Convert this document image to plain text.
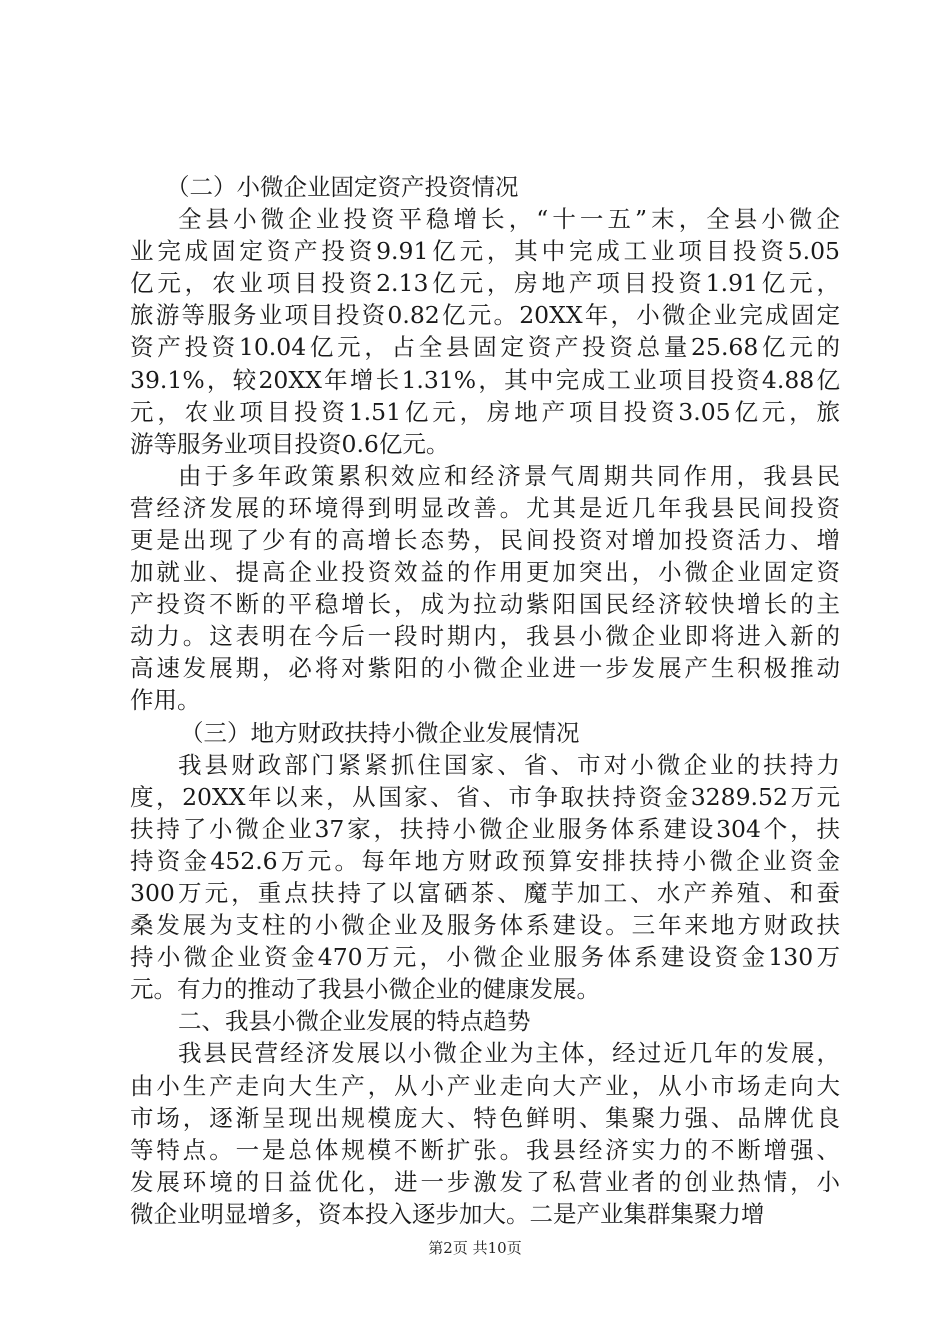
（二）小微企业固定资产投资情况
全县小微企业投资平稳增长，“十一五”末，全县小微企
业完成固定资产投资9.91亿元，其中完成工业项目投资5.05
亿元，农业项目投资2.13亿元，房地产项目投资1.91亿元，
旅游等服务业项目投资0.82亿元。20XX年，小微企业完成固定
资产投资10.04亿元，占全县固定资产投资总量25.68亿元的
39.1%，较20XX年增长1.31%，其中完成工业项目投资4.88亿
元，农业项目投资1.51亿元，房地产项目投资3.05亿元，旅
游等服务业项目投资0.6亿元。
由于多年政策累积效应和经济景气周期共同作用，我县民
营经济发展的环境得到明显改善。尤其是近几年我县民间投资
更是出现了少有的高增长态势，民间投资对增加投资活力、增
加就业、提高企业投资效益的作用更加突出，小微企业固定资
产投资不断的平稳增长，成为拉动紫阳国民经济较快增长的主
动力。这表明在今后一段时期内，我县小微企业即将进入新的
高速发展期，必将对紫阳的小微企业进一步发展产生积极推动
作用。
（三）地方财政扶持小微企业发展情况
我县财政部门紧紧抓住国家、省、市对小微企业的扶持力
度，20XX年以来，从国家、省、市争取扶持资金3289.52万元
扶持了小微企业37家，扶持小微企业服务体系建设304个，扶
持资金452.6万元。每年地方财政预算安排扶持小微企业资金
300万元，重点扶持了以富硒茶、魔芋加工、水产养殖、和蚕
桑发展为支柱的小微企业及服务体系建设。三年来地方财政扶
持小微企业资金470万元，小微企业服务体系建设资金130万
元。有力的推动了我县小微企业的健康发展。
二、我县小微企业发展的特点趋势
我县民营经济发展以小微企业为主体，经过近几年的发展，
由小生产走向大生产，从小产业走向大产业，从小市场走向大
市场，逐渐呈现出规模庞大、特色鲜明、集聚力强、品牌优良
等特点。一是总体规模不断扩张。我县经济实力的不断增强、
发展环境的日益优化，进一步激发了私营业者的创业热情，小
微企业明显增多，资本投入逐步加大。二是产业集群集聚力增
第2页 共10页
